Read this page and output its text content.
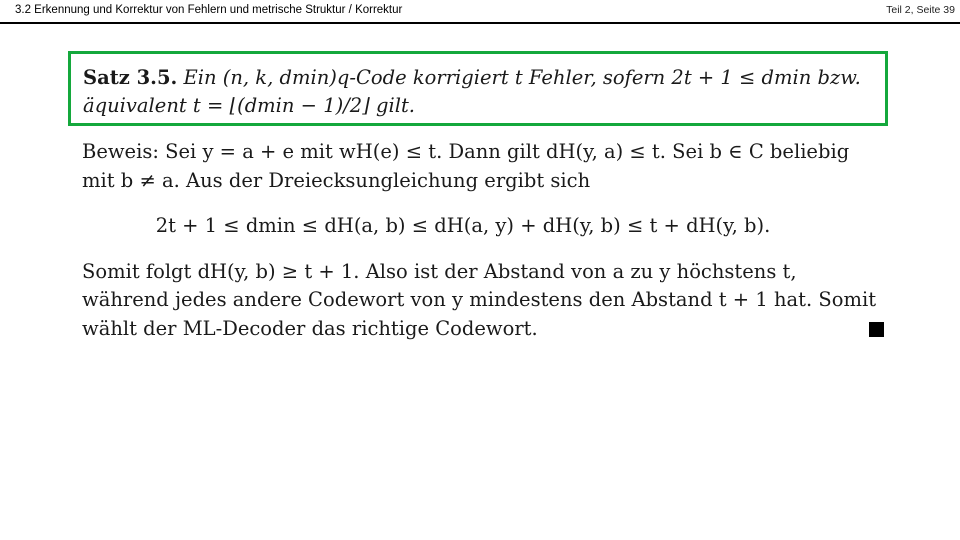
3.2 Erkennung und Korrektur von Fehlern und metrische Struktur / Korrektur	Teil 2, Seite 39
Satz 3.5. Ein (n, k, dmin)q-Code korrigiert t Fehler, sofern 2t + 1 ≤ dmin bzw. äquivalent t = ⌊(dmin − 1)/2⌋ gilt.

Beweis: Sei y = a + e mit wH(e) ≤ t. Dann gilt dH(y, a) ≤ t. Sei b ∈ C beliebig mit b ≠ a. Aus der Dreiecksungleichung ergibt sich

2t + 1 ≤ dmin ≤ dH(a, b) ≤ dH(a, y) + dH(y, b) ≤ t + dH(y, b).

Somit folgt dH(y, b) ≥ t + 1. Also ist der Abstand von a zu y höchstens t, während jedes andere Codewort von y mindestens den Abstand t + 1 hat. Somit wählt der ML-Decoder das richtige Codewort.
